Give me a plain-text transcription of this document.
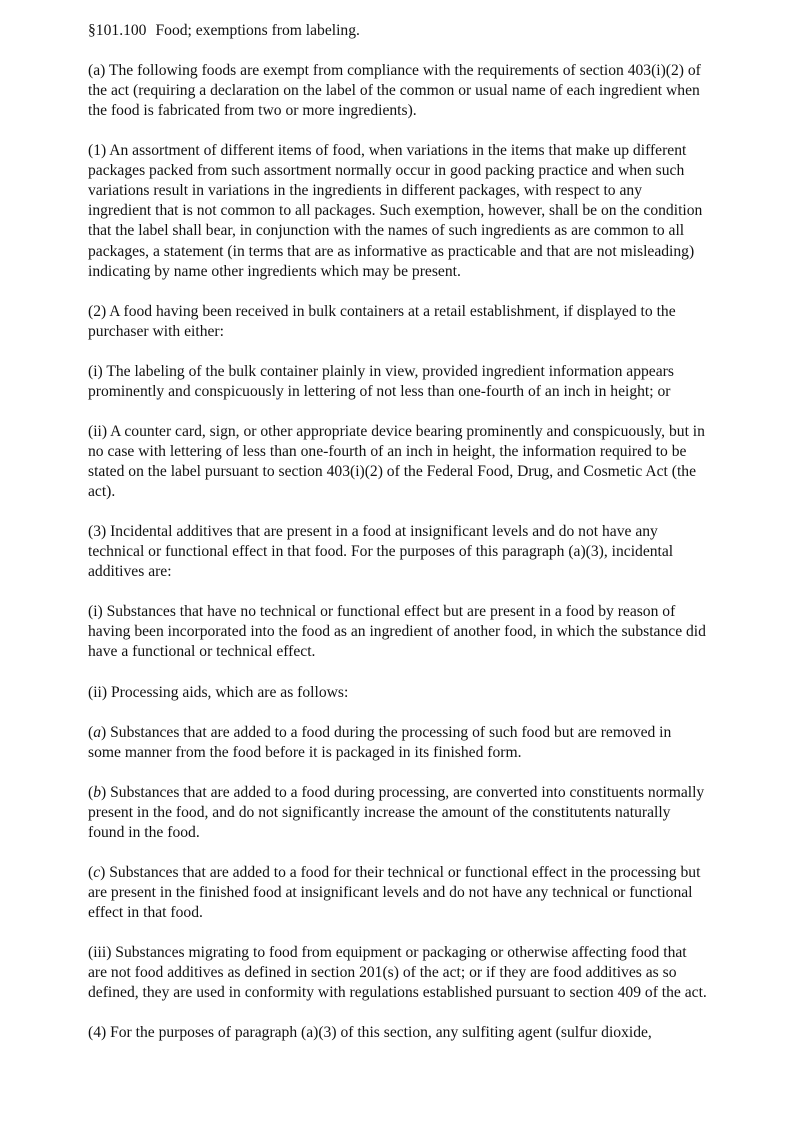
§101.100 Food; exemptions from labeling.

(a) The following foods are exempt from compliance with the requirements of section 403(i)(2) of the act (requiring a declaration on the label of the common or usual name of each ingredient when the food is fabricated from two or more ingredients).

(1) An assortment of different items of food, when variations in the items that make up different packages packed from such assortment normally occur in good packing practice and when such variations result in variations in the ingredients in different packages, with respect to any ingredient that is not common to all packages. Such exemption, however, shall be on the condition that the label shall bear, in conjunction with the names of such ingredients as are common to all packages, a statement (in terms that are as informative as practicable and that are not misleading) indicating by name other ingredients which may be present.

(2) A food having been received in bulk containers at a retail establishment, if displayed to the purchaser with either:

(i) The labeling of the bulk container plainly in view, provided ingredient information appears prominently and conspicuously in lettering of not less than one-fourth of an inch in height; or

(ii) A counter card, sign, or other appropriate device bearing prominently and conspicuously, but in no case with lettering of less than one-fourth of an inch in height, the information required to be stated on the label pursuant to section 403(i)(2) of the Federal Food, Drug, and Cosmetic Act (the act).

(3) Incidental additives that are present in a food at insignificant levels and do not have any technical or functional effect in that food. For the purposes of this paragraph (a)(3), incidental additives are:

(i) Substances that have no technical or functional effect but are present in a food by reason of having been incorporated into the food as an ingredient of another food, in which the substance did have a functional or technical effect.

(ii) Processing aids, which are as follows:

(a) Substances that are added to a food during the processing of such food but are removed in some manner from the food before it is packaged in its finished form.

(b) Substances that are added to a food during processing, are converted into constituents normally present in the food, and do not significantly increase the amount of the constitutents naturally found in the food.

(c) Substances that are added to a food for their technical or functional effect in the processing but are present in the finished food at insignificant levels and do not have any technical or functional effect in that food.

(iii) Substances migrating to food from equipment or packaging or otherwise affecting food that are not food additives as defined in section 201(s) of the act; or if they are food additives as so defined, they are used in conformity with regulations established pursuant to section 409 of the act.

(4) For the purposes of paragraph (a)(3) of this section, any sulfiting agent (sulfur dioxide,
